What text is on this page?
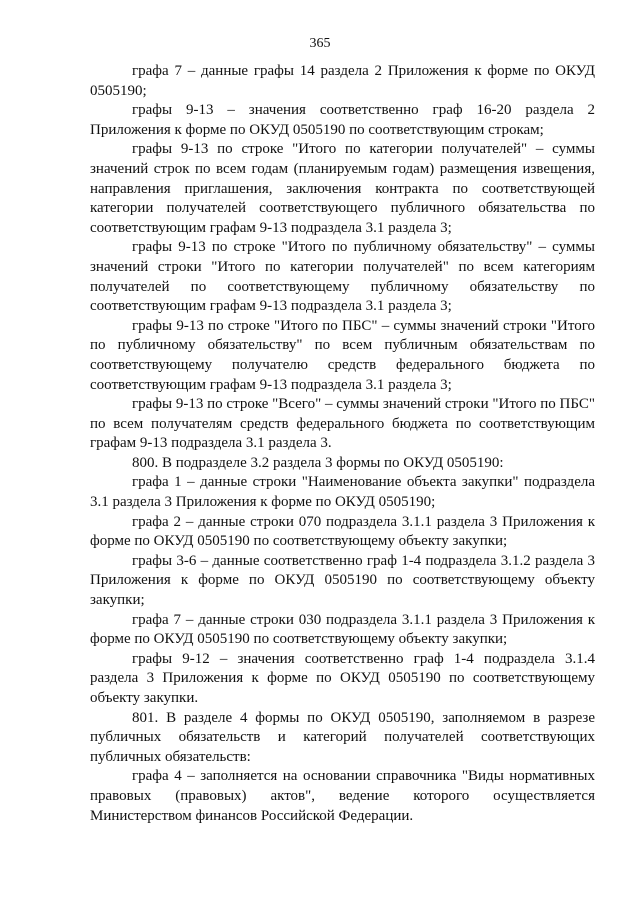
365

графа 7 – данные графы 14 раздела 2 Приложения к форме по ОКУД 0505190;

графы 9-13 – значения соответственно граф 16-20 раздела 2 Приложения к форме по ОКУД 0505190 по соответствующим строкам;

графы 9-13 по строке "Итого по категории получателей" – суммы значений строк по всем годам (планируемым годам) размещения извещения, направления приглашения, заключения контракта по соответствующей категории получателей соответствующего публичного обязательства по соответствующим графам 9-13 подраздела 3.1 раздела 3;

графы 9-13 по строке "Итого по публичному обязательству" – суммы значений строки "Итого по категории получателей" по всем категориям получателей по соответствующему публичному обязательству по соответствующим графам 9-13 подраздела 3.1 раздела 3;

графы 9-13 по строке "Итого по ПБС" – суммы значений строки "Итого по публичному обязательству" по всем публичным обязательствам по соответствующему получателю средств федерального бюджета по соответствующим графам 9-13 подраздела 3.1 раздела 3;

графы 9-13 по строке "Всего" – суммы значений строки "Итого по ПБС" по всем получателям средств федерального бюджета по соответствующим графам 9-13 подраздела 3.1 раздела 3.

800. В подразделе 3.2 раздела 3 формы по ОКУД 0505190:

графа 1 – данные строки "Наименование объекта закупки" подраздела 3.1 раздела 3 Приложения к форме по ОКУД 0505190;

графа 2 – данные строки 070 подраздела 3.1.1 раздела 3 Приложения к форме по ОКУД 0505190 по соответствующему объекту закупки;

графы 3-6 – данные соответственно граф 1-4 подраздела 3.1.2 раздела 3 Приложения к форме по ОКУД 0505190 по соответствующему объекту закупки;

графа 7 – данные строки 030 подраздела 3.1.1 раздела 3 Приложения к форме по ОКУД 0505190 по соответствующему объекту закупки;

графы 9-12 – значения соответственно граф 1-4 подраздела 3.1.4 раздела 3 Приложения к форме по ОКУД 0505190 по соответствующему объекту закупки.

801. В разделе 4 формы по ОКУД 0505190, заполняемом в разрезе публичных обязательств и категорий получателей соответствующих публичных обязательств:

графа 4 – заполняется на основании справочника "Виды нормативных правовых (правовых) актов", ведение которого осуществляется Министерством финансов Российской Федерации.
